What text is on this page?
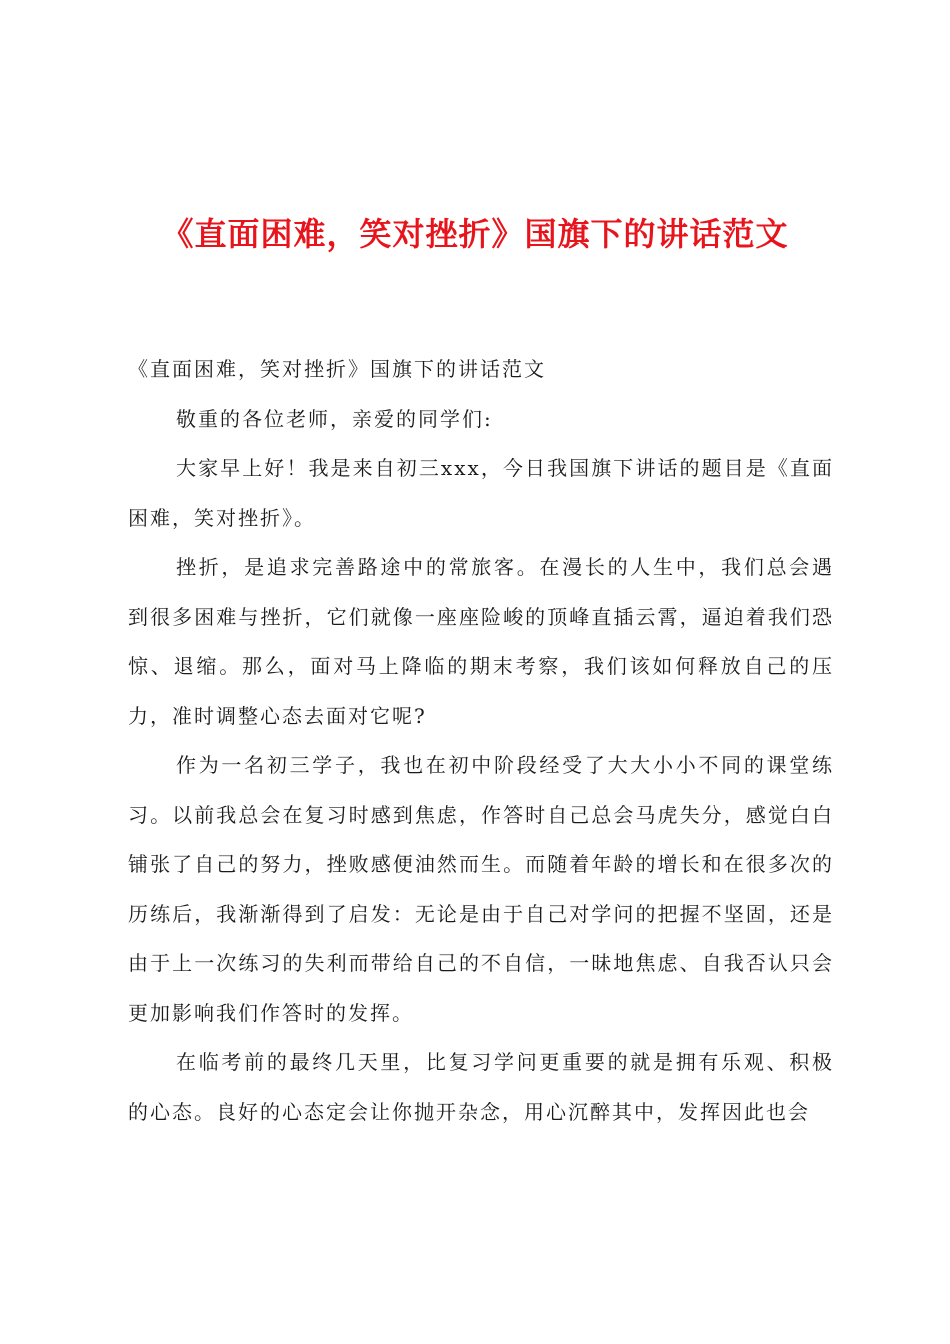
《直面困难，笑对挫折》国旗下的讲话范文

《直面困难，笑对挫折》国旗下的讲话范文

敬重的各位老师，亲爱的同学们:

大家早上好！我是来自初三xxx，今日我国旗下讲话的题目是《直面困难，笑对挫折》。

挫折，是追求完善路途中的常旅客。在漫长的人生中，我们总会遇到很多困难与挫折，它们就像一座座险峻的顶峰直插云霄，逼迫着我们恐惊、退缩。那么，面对马上降临的期末考察，我们该如何释放自己的压力，准时调整心态去面对它呢?

作为一名初三学子，我也在初中阶段经受了大大小小不同的课堂练习。以前我总会在复习时感到焦虑，作答时自己总会马虎失分，感觉白白铺张了自己的努力，挫败感便油然而生。而随着年龄的增长和在很多次的历练后，我渐渐得到了启发：无论是由于自己对学问的把握不坚固，还是由于上一次练习的失利而带给自己的不自信，一昧地焦虑、自我否认只会更加影响我们作答时的发挥。

在临考前的最终几天里，比复习学问更重要的就是拥有乐观、积极的心态。良好的心态定会让你抛开杂念，用心沉醉其中，发挥因此也会
